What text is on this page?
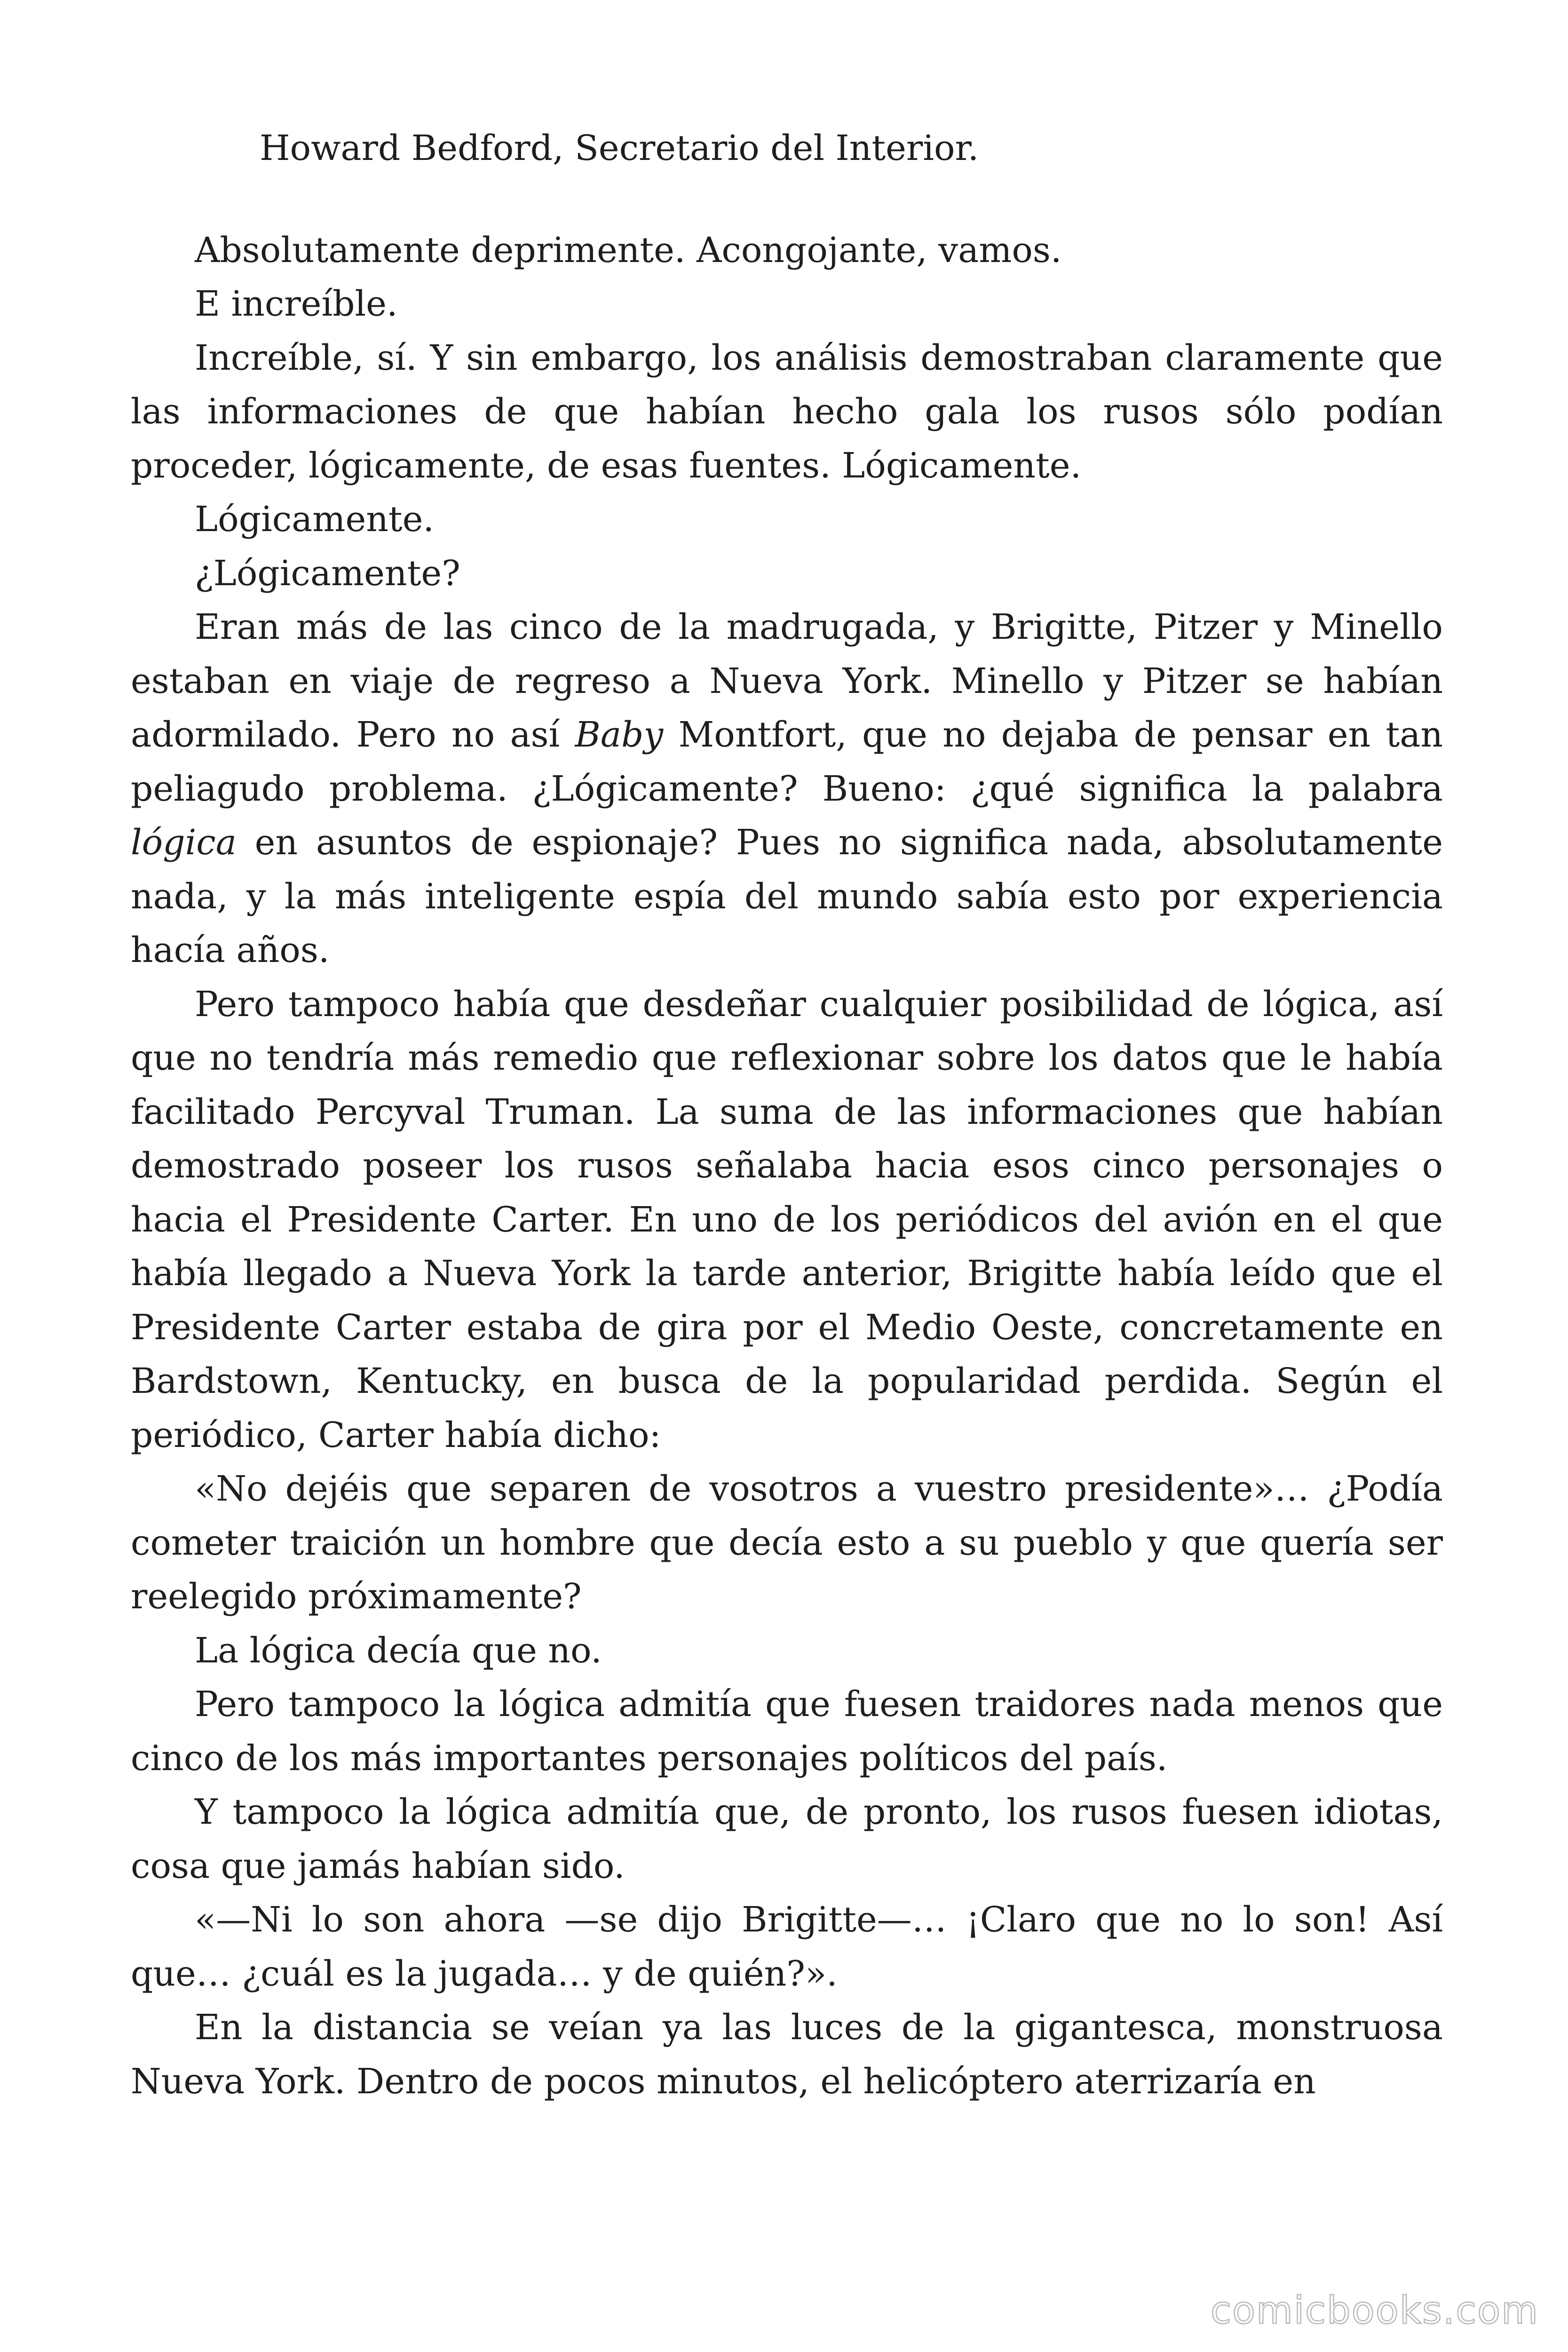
Howard Bedford, Secretario del Interior.

Absolutamente deprimente. Acongojante, vamos.

E increíble.

Increíble, sí. Y sin embargo, los análisis demostraban claramente que las informaciones de que habían hecho gala los rusos sólo podían proceder, lógicamente, de esas fuentes. Lógicamente.

Lógicamente.

¿Lógicamente?

Eran más de las cinco de la madrugada, y Brigitte, Pitzer y Minello estaban en viaje de regreso a Nueva York. Minello y Pitzer se habían adormilado. Pero no así Baby Montfort, que no dejaba de pensar en tan peliagudo problema. ¿Lógicamente? Bueno: ¿qué significa la palabra lógica en asuntos de espionaje? Pues no significa nada, absolutamente nada, y la más inteligente espía del mundo sabía esto por experiencia hacía años.

Pero tampoco había que desdeñar cualquier posibilidad de lógica, así que no tendría más remedio que reflexionar sobre los datos que le había facilitado Percyval Truman. La suma de las informaciones que habían demostrado poseer los rusos señalaba hacia esos cinco personajes o hacia el Presidente Carter. En uno de los periódicos del avión en el que había llegado a Nueva York la tarde anterior, Brigitte había leído que el Presidente Carter estaba de gira por el Medio Oeste, concretamente en Bardstown, Kentucky, en busca de la popularidad perdida. Según el periódico, Carter había dicho:

«No dejéis que separen de vosotros a vuestro presidente»… ¿Podía cometer traición un hombre que decía esto a su pueblo y que quería ser reelegido próximamente?

La lógica decía que no.

Pero tampoco la lógica admitía que fuesen traidores nada menos que cinco de los más importantes personajes políticos del país.

Y tampoco la lógica admitía que, de pronto, los rusos fuesen idiotas, cosa que jamás habían sido.

«—Ni lo son ahora —se dijo Brigitte—… ¡Claro que no lo son! Así que… ¿cuál es la jugada… y de quién?».

En la distancia se veían ya las luces de la gigantesca, monstruosa Nueva York. Dentro de pocos minutos, el helicóptero aterrizaría en

comicbooks.com
